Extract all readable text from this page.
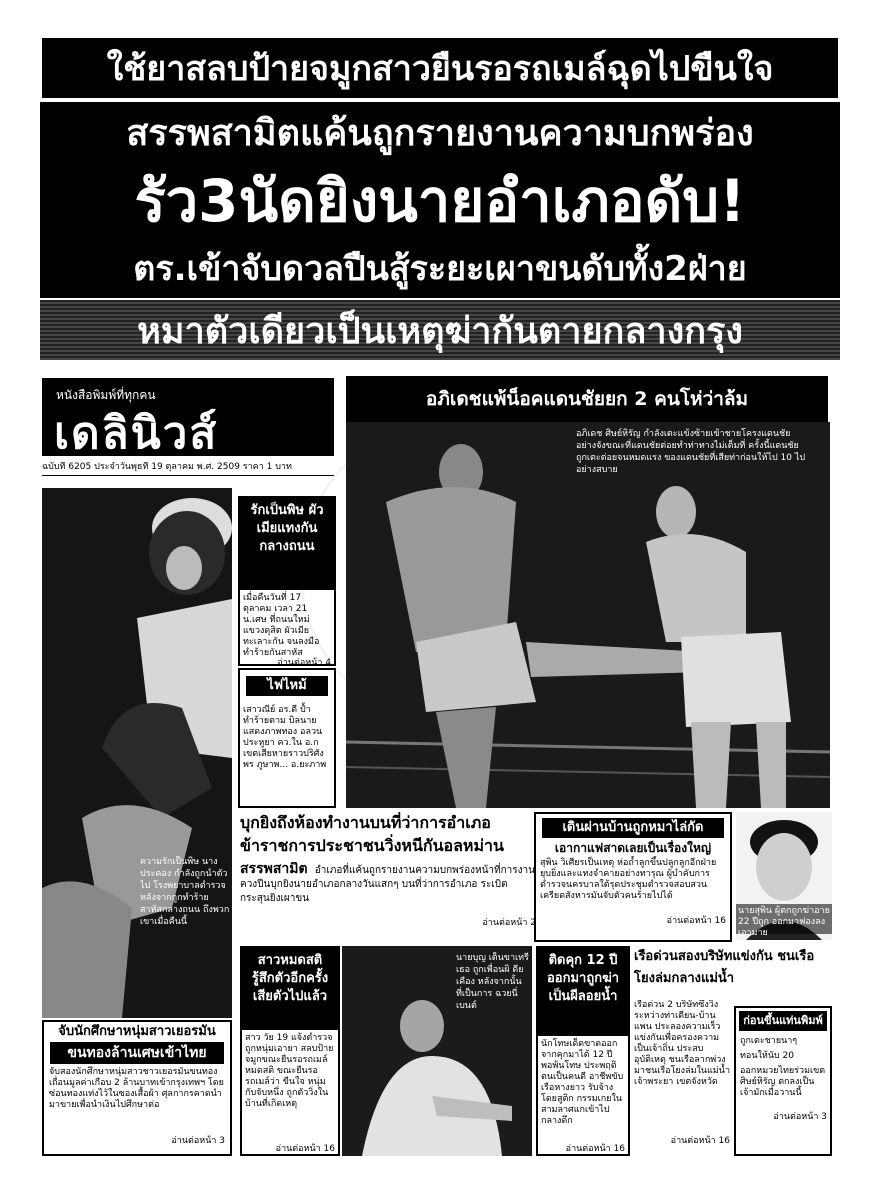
ใช้ยาสลบป้ายจมูกสาวยืนรอรถเมล์ฉุดไปขืนใจ
สรรพสามิตแค้นถูกรายงานความบกพร่อง
รัว3นัดยิงนายอำเภอดับ!
ตร.เข้าจับดวลปืนสู้ระยะเผาขนดับทั้ง2ฝ่าย
หมาตัวเดียวเป็นเหตุฆ่ากันตายกลางกรุง
หนังสือพิมพ์ที่ทุกคน
เดลินิวส์
ฉบับที่ 6205 ประจำวันพุธที่ 19 ตุลาคม พ.ศ. 2509 ราคา 1 บาท
ความรักเป็นพิษ นางประคอง กำลังถูกนำตัวไป โรงพยาบาลตำรวจ หลังจากถูกทำร้าย สาหัสกลางถนน ถึงพวกเขาเมื่อคืนนี้
รักเป็นพิษ ผัวเมียแทงกัน กลางถนน
เมื่อคืนวันที่ 17 ตุลาคม เวลา 21 น.เศษ ที่ถนนใหม่ แขวงดุสิต ผัวเมียทะเลาะกัน จนลงมือทำร้ายกันสาหัส
อ่านต่อหน้า 4
ไฟไหม้
เสาวณีย์ อร.ดี ป้ำ ทำร้ายตาม บิลนาย แสดงภาพทอง อลวน ประหูยา คว.ใน อ.ก เขตเสียหายราวปริศัง พร ภูษาพ... อ.ยะภาพ
อภิเดชแพ้น็อคแดนชัยยก 2 คนโห่ว่าล้ม
อภิเดช ศิษย์หิรัญ กำลังเตะแข้งซ้ายเข้าชายโครงแดนชัย อย่างจังขณะที่แดนชัยต่อยทำท่าทางไม่เต็มที่ ครั้งนี้แดนชัยถูกเตะต่อยจนหมดแรง ของแดนชัยที่เสียท่าก่อนให้ไป 10 ไปอย่างสบาย
บุกยิงถึงห้องทำงานบนที่ว่าการอำเภอ
ข้าราชการประชาชนวิ่งหนีกันอลหม่าน
สรรพสามิต อำเภอที่แค้นถูกรายงานความบกพร่องหน้าที่การงาน ควงปืนบุกยิงนายอำเภอกลางวันแสกๆ บนที่ว่าการอำเภอ ระเบิดกระสุนยิงเผาขน
อ่านต่อหน้า 2
เดินผ่านบ้านถูกหมาไล่กัด
เอากาแฟสาดเลยเป็นเรื่องใหญ่
สุพิน วิเศียรเป็นเหตุ ห่อถ้ำลูกขึ้นปลูกลูกอีกฝ่าย ยุบยิ่งและแทงจำคายอย่างทารุณ ผู้บำคับการตำรวจนครบาลใต้รุดประชุมตำรวจสอบสวนเครียดสังหารมันจับตัวคนร้ายไปได้
อ่านต่อหน้า 16
นายสุพิน ผู้ตกถูกฆ่าอาย 22 ปีถูก ออกมาฟองลงเอามาย
สาวหมดสติ รู้สึกตัวอีกครั้ง เสียตัวไปแล้ว
สาว วัย 19 แจ้งตำรวจ ถูกหนุ่มเอายา สลบป้าย จมูกขณะยืนรอรถเมล์ หมดสติ ขณะยืนรอรถเมล์ว่า ขืนใจ หนุ่มกับจับหนึ่ง ถูกตัววิ่งในบ้านที่เกิดเหตุ
อ่านต่อหน้า 16
นายบุญ เต็นขาเทรีเธอ ถูกเพื่อนผิ ดียเคือง หลังจากนั้น ที่เป็นการ ฉวยนี่ เบนต์
ติดคุก 12 ปี ออกมาถูกฆ่า เป็นผีลอยน้ำ
นักโทษเด็ดขาดออกจากคุกมาได้ 12 ปี พอพ้นโทษ ประพฤติตนเป็นคนดี อาชีพขับเรือหางยาว รับจ้างโดยสูติก กรรมเกยใน สามลาศแกเข้าไปกลางดึก
อ่านต่อหน้า 16
เรือด่วนสองบริษัทแข่งกัน ชนเรือโยงล่มกลางแม่น้ำ
เรือด่วน 2 บริษัทซึ่งวิ่งระหว่างท่าเตียน-บ้านแพน ประลองความเร็ว แข่งกันเพื่อครองความเป็นเจ้าถิ่น ประสบอุบัติเหตุ ชนเรือลากพ่วง มาชนเรือโยงล่มในแม่น้ำเจ้าพระยา เขตจังหวัด
อ่านต่อหน้า 16
ก่อนขึ้นแท่นพิมพ์
ถูกเตะชายนาๆ
ทอนให้นับ 20
ออกหมวยไทยร่วมเขตศิษย์หิรัญ ตกลงเป็นเจ้ามักเมื่อวานนี้
อ่านต่อหน้า 3
จับนักศึกษาหนุ่มสาวเยอรมัน
ขนทองล้านเศษเข้าไทย
จับสองนักศึกษาหนุ่มสาวชาวเยอรมันขนทองเถื่อนมูลค่าเกือบ 2 ล้านบาทเข้ากรุงเทพฯ โดยซ่อนทองแท่งไว้ในซองเสื้อผ้า ศุลกากรคาดนำมาขายเพื่อนำเงินไปศึกษาต่อ
อ่านต่อหน้า 3
